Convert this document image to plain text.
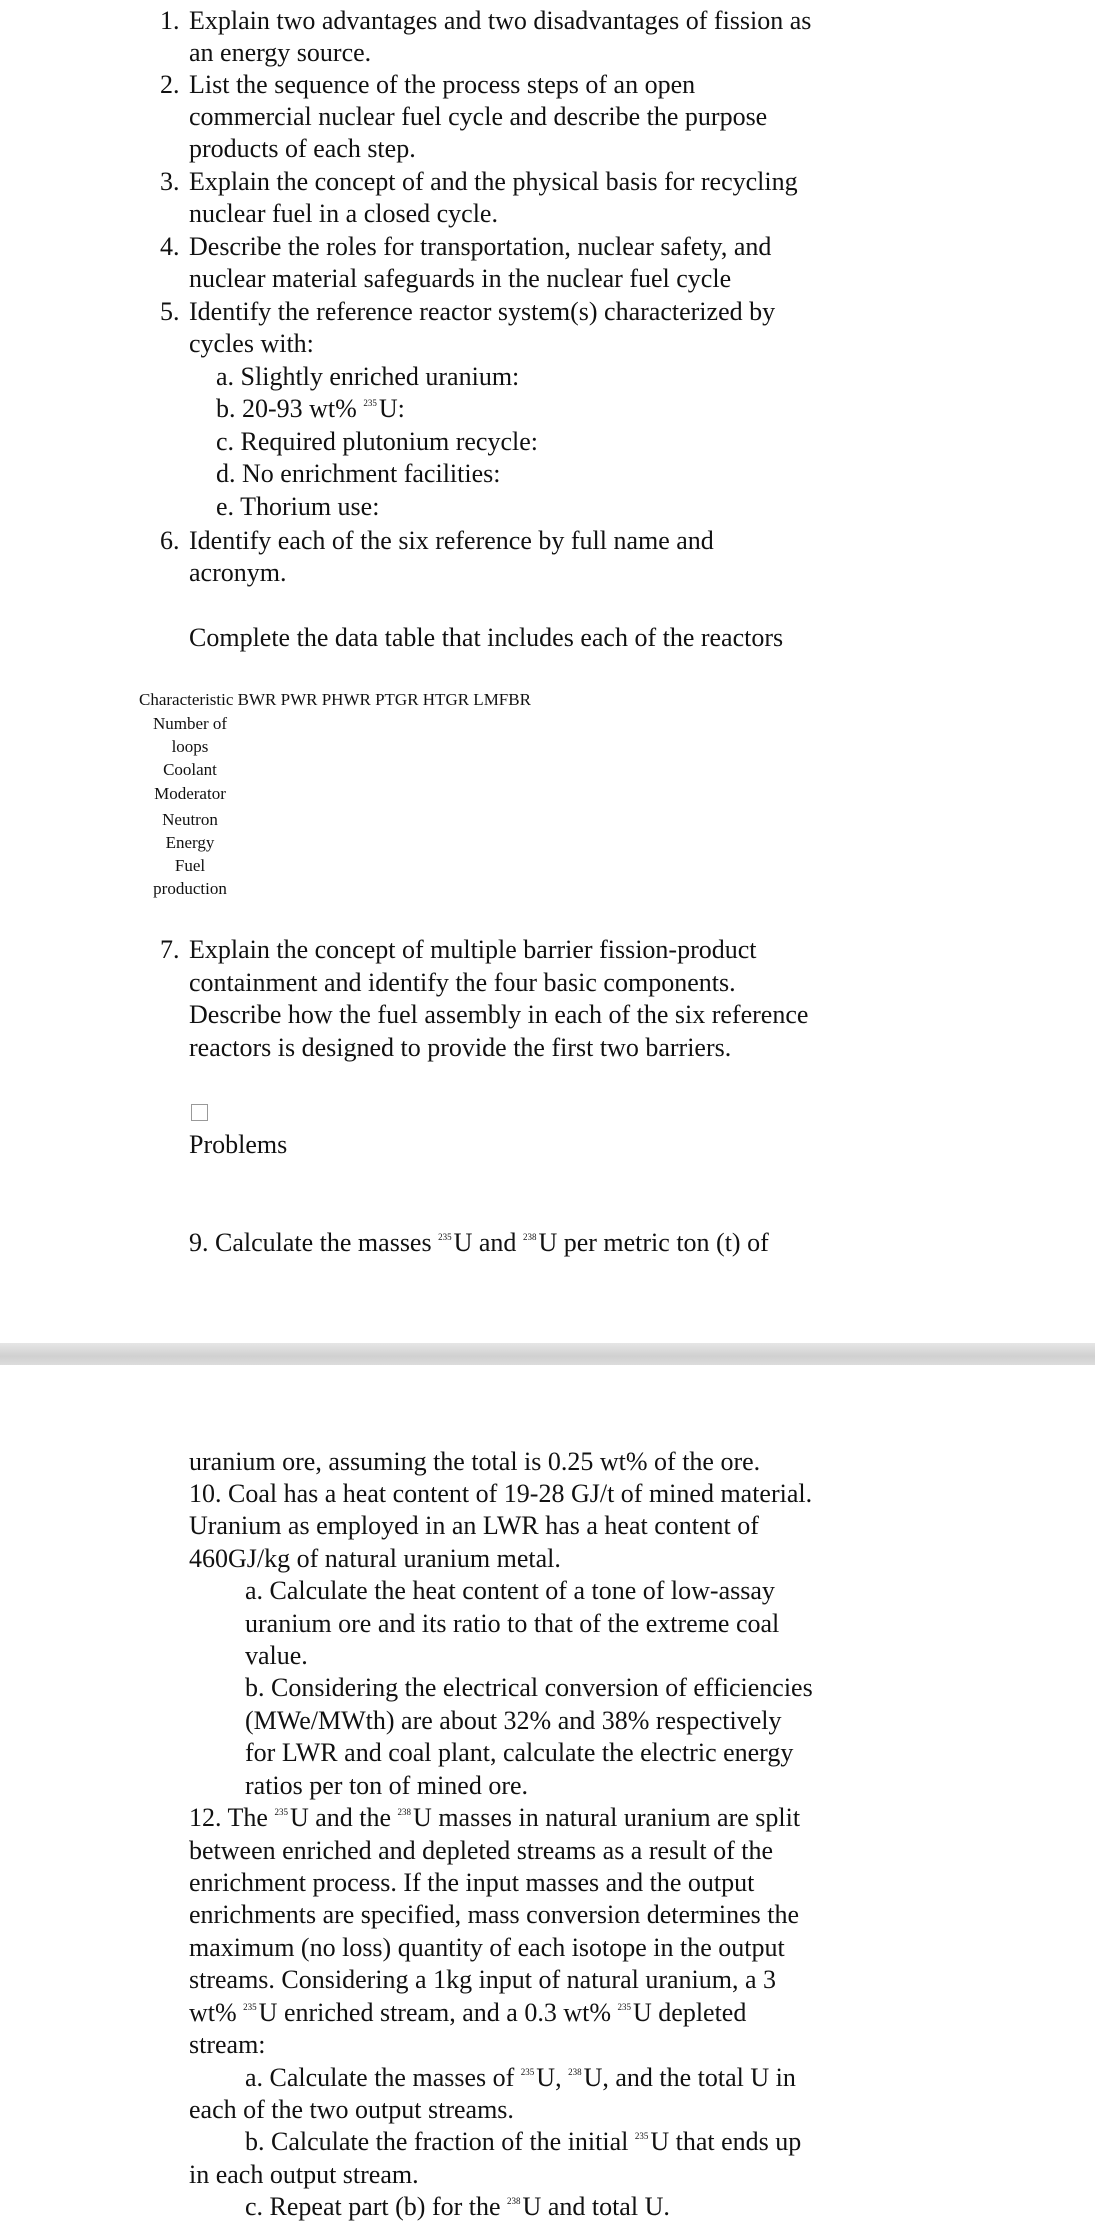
1. Explain two advantages and two disadvantages of fission as
an energy source.
2. List the sequence of the process steps of an open
commercial nuclear fuel cycle and describe the purpose
products of each step.
3. Explain the concept of and the physical basis for recycling
nuclear fuel in a closed cycle.
4. Describe the roles for transportation, nuclear safety, and
nuclear material safeguards in the nuclear fuel cycle
5. Identify the reference reactor system(s) characterized by
cycles with:
a. Slightly enriched uranium:
b. 20-93 wt% $^{235}$U:
c. Required plutonium recycle:
d. No enrichment facilities:
e. Thorium use:
6. Identify each of the six reference by full name and
acronym.
Complete the data table that includes each of the reactors
Characteristic BWR PWR PHWR PTGR HTGR LMFBR
Number of
loops
Coolant
Moderator
Neutron
Energy
Fuel
production
7. Explain the concept of multiple barrier fission-product
containment and identify the four basic components.
Describe how the fuel assembly in each of the six reference
reactors is designed to provide the first two barriers.
Problems
9. Calculate the masses $^{235}$U and $^{238}$U per metric ton (t) of
uranium ore, assuming the total is 0.25 wt% of the ore.
10. Coal has a heat content of 19-28 GJ/t of mined material.
Uranium as employed in an LWR has a heat content of
460GJ/kg of natural uranium metal.
a. Calculate the heat content of a tone of low-assay
uranium ore and its ratio to that of the extreme coal
value.
b. Considering the electrical conversion of efficiencies
(MWe/MWth) are about 32% and 38% respectively
for LWR and coal plant, calculate the electric energy
ratios per ton of mined ore.
12. The $^{235}$U and the $^{238}$U masses in natural uranium are split
between enriched and depleted streams as a result of the
enrichment process. If the input masses and the output
enrichments are specified, mass conversion determines the
maximum (no loss) quantity of each isotope in the output
streams. Considering a 1kg input of natural uranium, a 3
wt% $^{235}$U enriched stream, and a 0.3 wt% $^{235}$U depleted
stream:
a. Calculate the masses of $^{235}$U, $^{238}$U, and the total U in
each of the two output streams.
b. Calculate the fraction of the initial $^{235}$U that ends up
in each output stream.
c. Repeat part (b) for the $^{238}$U and total U.
